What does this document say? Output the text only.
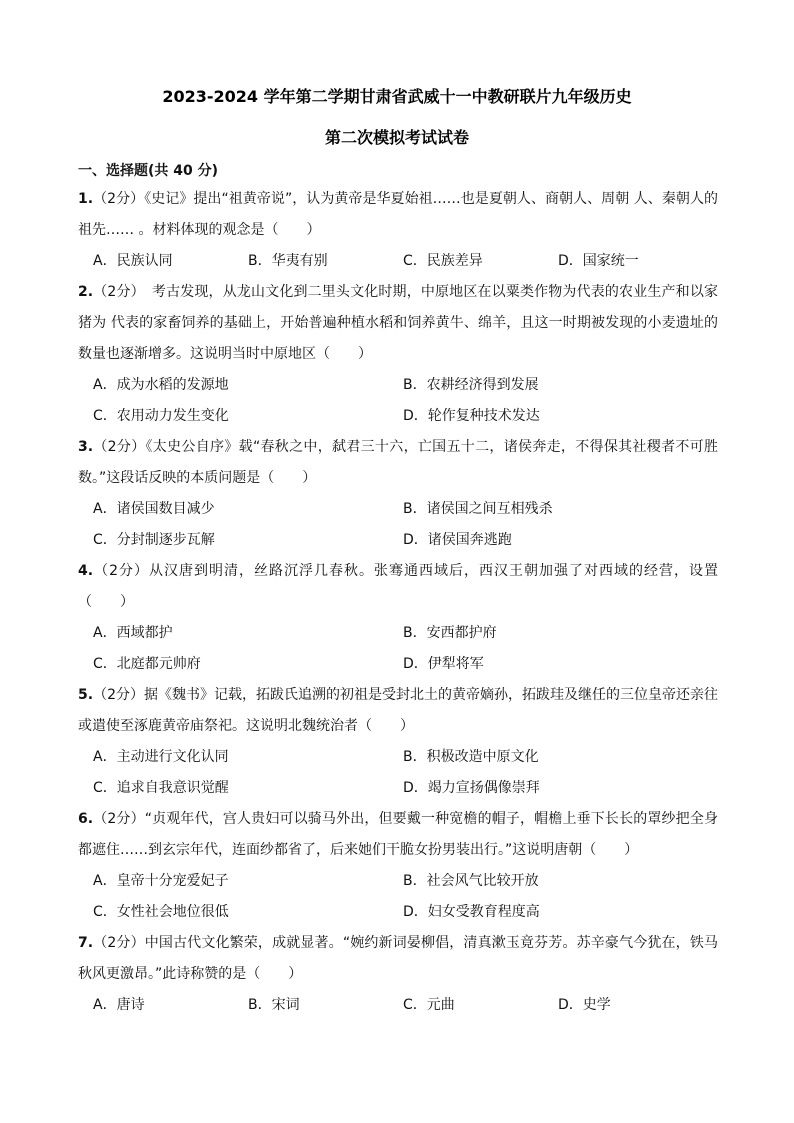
2023-2024 学年第二学期甘肃省武威十一中教研联片九年级历史

第二次模拟考试试卷

一、选择题(共 40 分)

1.（2分）《史记》提出“祖黄帝说”，认为黄帝是华夏始祖……也是夏朝人、商朝人、周朝 人、秦朝人的祖先…… 。材料体现的观念是（　　）

A．民族认同	B．华夷有别	C．民族差异	D．国家统一

2.（2分）　考古发现，从龙山文化到二里头文化时期，中原地区在以粟类作物为代表的农业生产和以家猪为 代表的家畜饲养的基础上，开始普遍种植水稻和饲养黄牛、绵羊，且这一时期被发现的小麦遗址的数量也逐渐增多。这说明当时中原地区（　　）

A．成为水稻的发源地	B．农耕经济得到发展
C．农用动力发生变化	D．轮作复种技术发达

3.（2分）《太史公自序》载“春秋之中，弑君三十六，亡国五十二，诸侯奔走，不得保其社稷者不可胜数。”这段话反映的本质问题是（　　）

A．诸侯国数目减少	B．诸侯国之间互相残杀
C．分封制逐步瓦解	D．诸侯国奔逃跑

4.（2分）从汉唐到明清，丝路沉浮几春秋。张骞通西域后，西汉王朝加强了对西域的经营，设置（　　）

A．西域都护	B．安西都护府
C．北庭都元帅府	D．伊犁将军

5.（2分）据《魏书》记载，拓跋氏追溯的初祖是受封北土的黄帝嫡孙，拓跋珪及继任的三位皇帝还亲往或遣使至涿鹿黄帝庙祭祀。这说明北魏统治者（　　）

A．主动进行文化认同	B．积极改造中原文化
C．追求自我意识觉醒	D．竭力宣扬偶像崇拜

6.（2分）“贞观年代，宫人贵妇可以骑马外出，但要戴一种宽檐的帽子，帽檐上垂下长长的罩纱把全身都遮住……到玄宗年代，连面纱都省了，后来她们干脆女扮男装出行。”这说明唐朝（　　）

A．皇帝十分宠爱妃子	B．社会风气比较开放
C．女性社会地位很低	D．妇女受教育程度高

7.（2分）中国古代文化繁荣，成就显著。“婉约新词晏柳倡，清真漱玉竟芬芳。苏辛豪气今犹在，铁马秋风更激昂。”此诗称赞的是（　　）

A．唐诗	B．宋词	C．元曲	D．史学
